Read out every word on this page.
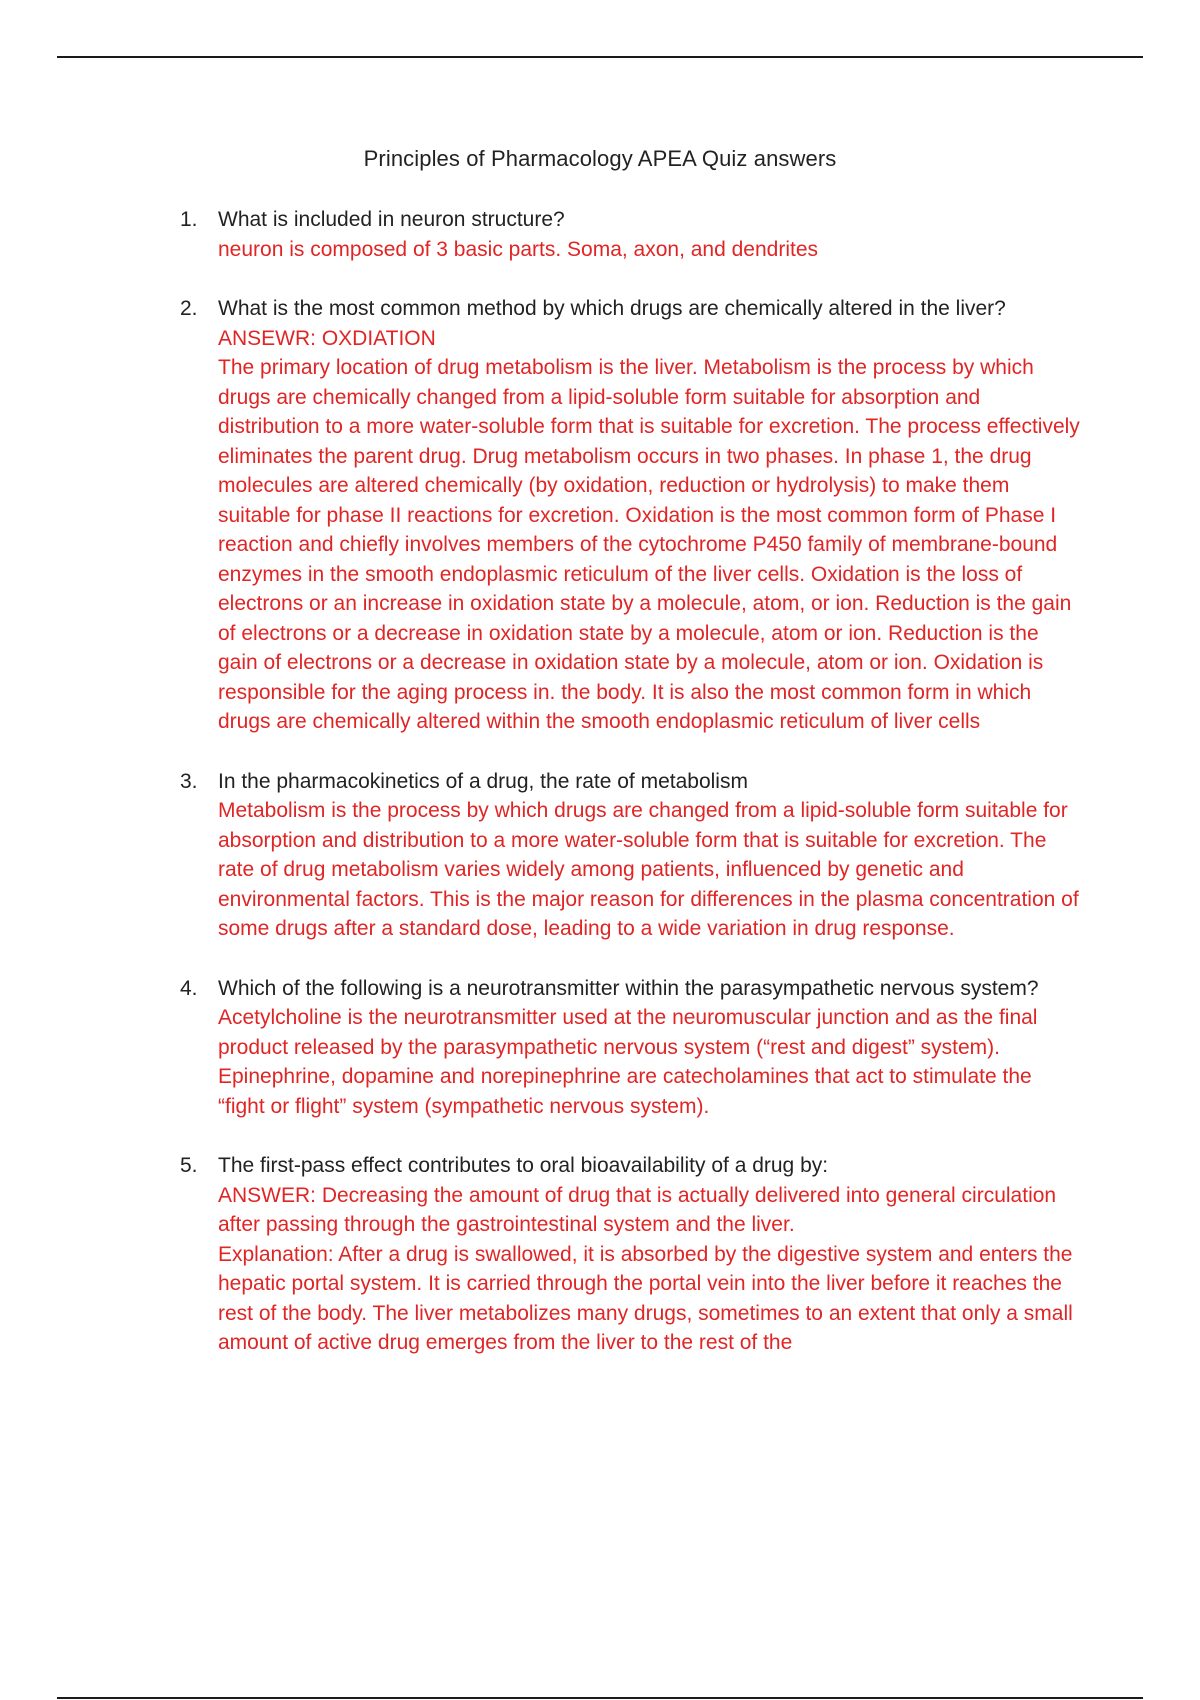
Principles of Pharmacology APEA Quiz answers
1. What is included in neuron structure?
neuron is composed of 3 basic parts. Soma, axon, and dendrites
2. What is the most common method by which drugs are chemically altered in the liver?
ANSEWR: OXDIATION
The primary location of drug metabolism is the liver. Metabolism is the process by which drugs are chemically changed from a lipid-soluble form suitable for absorption and distribution to a more water-soluble form that is suitable for excretion. The process effectively eliminates the parent drug. Drug metabolism occurs in two phases. In phase 1, the drug molecules are altered chemically (by oxidation, reduction or hydrolysis) to make them suitable for phase II reactions for excretion. Oxidation is the most common form of Phase I reaction and chiefly involves members of the cytochrome P450 family of membrane-bound enzymes in the smooth endoplasmic reticulum of the liver cells. Oxidation is the loss of electrons or an increase in oxidation state by a molecule, atom, or ion. Reduction is the gain of electrons or a decrease in oxidation state by a molecule, atom or ion. Reduction is the gain of electrons or a decrease in oxidation state by a molecule, atom or ion. Oxidation is responsible for the aging process in. the body. It is also the most common form in which drugs are chemically altered within the smooth endoplasmic reticulum of liver cells
3. In the pharmacokinetics of a drug, the rate of metabolism
Metabolism is the process by which drugs are changed from a lipid-soluble form suitable for absorption and distribution to a more water-soluble form that is suitable for excretion. The rate of drug metabolism varies widely among patients, influenced by genetic and environmental factors. This is the major reason for differences in the plasma concentration of some drugs after a standard dose, leading to a wide variation in drug response.
4. Which of the following is a neurotransmitter within the parasympathetic nervous system?
Acetylcholine is the neurotransmitter used at the neuromuscular junction and as the final product released by the parasympathetic nervous system (“rest and digest” system). Epinephrine, dopamine and norepinephrine are catecholamines that act to stimulate the “fight or flight” system (sympathetic nervous system).
5. The first-pass effect contributes to oral bioavailability of a drug by:
ANSWER: Decreasing the amount of drug that is actually delivered into general circulation after passing through the gastrointestinal system and the liver.
Explanation: After a drug is swallowed, it is absorbed by the digestive system and enters the hepatic portal system. It is carried through the portal vein into the liver before it reaches the rest of the body. The liver metabolizes many drugs, sometimes to an extent that only a small amount of active drug emerges from the liver to the rest of the
